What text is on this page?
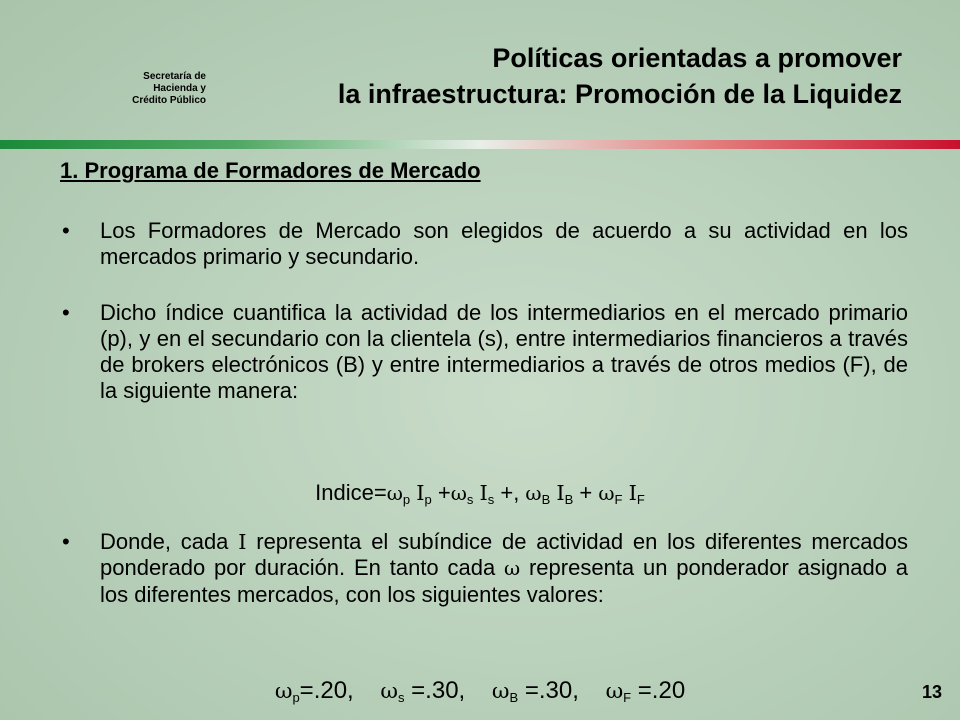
Secretaría de
Hacienda y
Crédito Público
Políticas orientadas a promover
la infraestructura: Promoción de la Liquidez
1. Programa de Formadores de Mercado
• Los Formadores de Mercado son elegidos de acuerdo a su actividad en los mercados primario y secundario.
• Dicho índice cuantifica la actividad de los intermediarios en el mercado primario (p), y en el secundario con la clientela (s), entre intermediarios financieros a través de brokers electrónicos (B) y entre intermediarios a través de otros medios (F), de la siguiente manera:
$Indice=\omega_p$ $I_p +\omega_s$ $I_s$ +, $\omega_B$ $I_B + \omega_F$ $I_F$
• Donde, cada I representa el subíndice de actividad en los diferentes mercados ponderado por duración. En tanto cada ω representa un ponderador asignado a los diferentes mercados, con los siguientes valores:
$\omega_p=.20$, $\omega_s =.30$, $\omega_B =.30$, $\omega_F =.20$	13
